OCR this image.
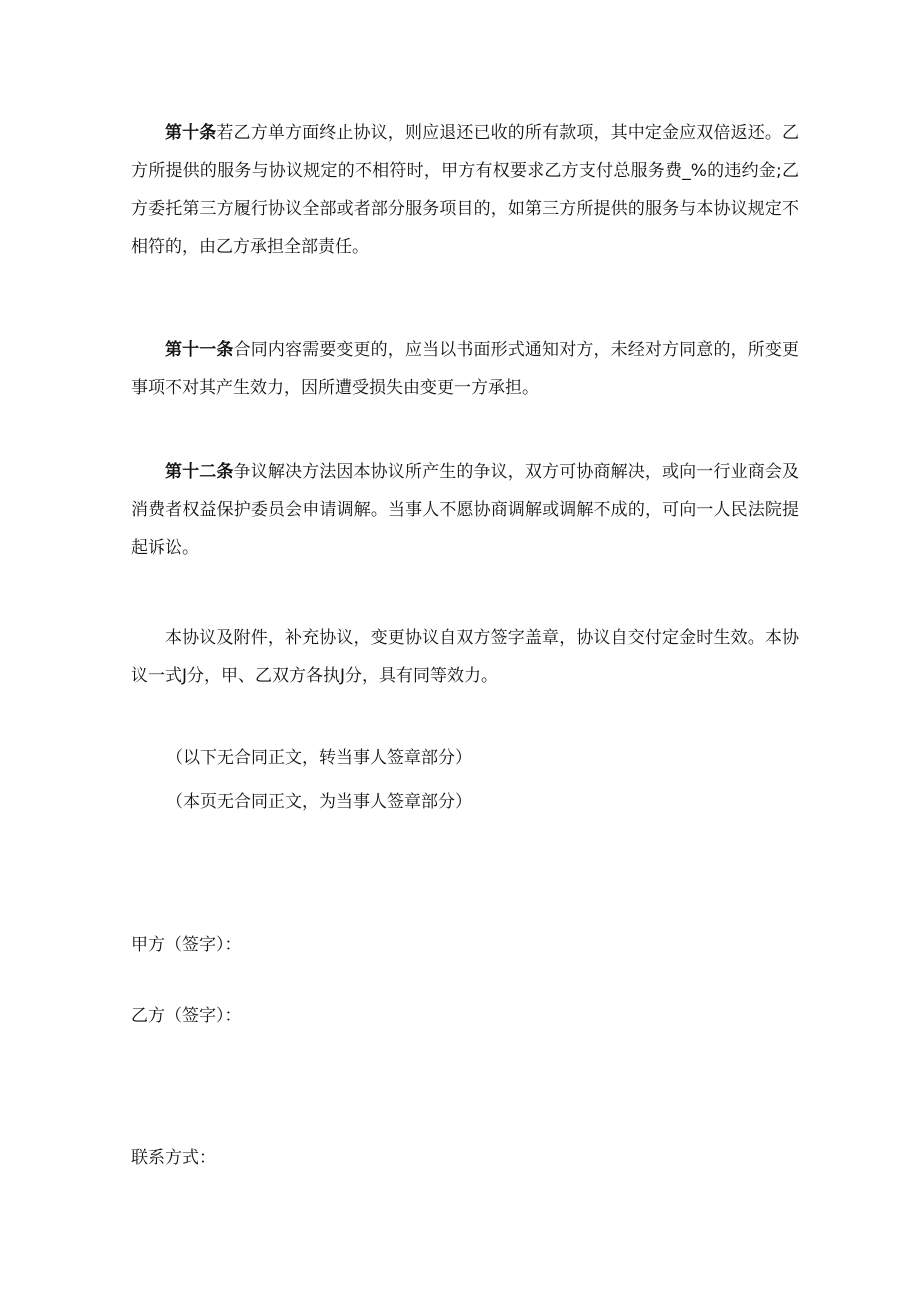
第十条若乙方单方面终止协议，则应退还已收的所有款项，其中定金应双倍返还。乙方所提供的服务与协议规定的不相符时，甲方有权要求乙方支付总服务费_%的违约金;乙方委托第三方履行协议全部或者部分服务项目的，如第三方所提供的服务与本协议规定不相符的，由乙方承担全部责任。

第十一条合同内容需要变更的，应当以书面形式通知对方，未经对方同意的，所变更事项不对其产生效力，因所遭受损失由变更一方承担。

第十二条争议解决方法因本协议所产生的争议，双方可协商解决，或向一行业商会及消费者权益保护委员会申请调解。当事人不愿协商调解或调解不成的，可向一人民法院提起诉讼。

本协议及附件，补充协议，变更协议自双方签字盖章，协议自交付定金时生效。本协议一式J分，甲、乙双方各执J分，具有同等效力。

（以下无合同正文，转当事人签章部分）

（本页无合同正文，为当事人签章部分）

甲方（签字）：

乙方（签字）：

联系方式：
